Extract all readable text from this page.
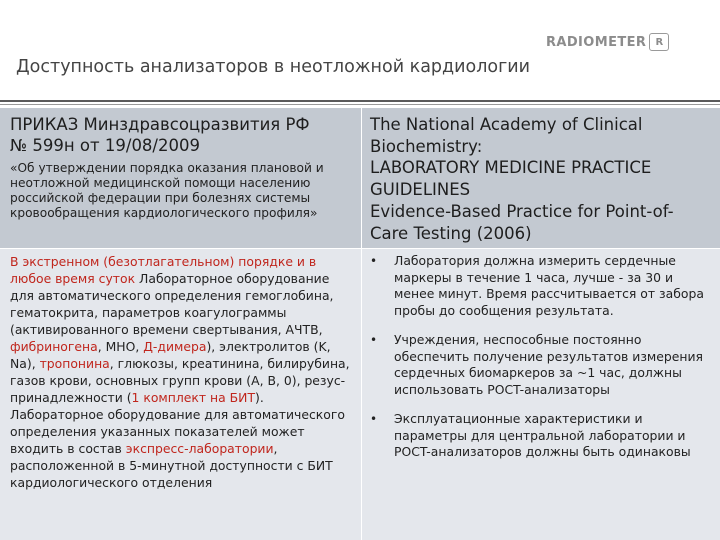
RADIOMETER R
Доступность анализаторов в неотложной кардиологии
ПРИКАЗ Минздравсоцразвития РФ
№ 599н от 19/08/2009
«Об утверждении порядка оказания плановой и неотложной медицинской помощи населению российской федерации при болезнях системы кровообращения кардиологического профиля»
The National Academy of Clinical
Biochemistry:
LABORATORY MEDICINE PRACTICE
GUIDELINES
Evidence-Based Practice for Point-of-
Care Testing (2006)
В экстренном (безотлагательном) порядке и в любое время суток Лабораторное оборудование для автоматического определения гемоглобина, гематокрита, параметров коагулограммы (активированного времени свертывания, АЧТВ, фибриногена, МНО, Д-димера), электролитов (K, Na), тропонина, глюкозы, креатинина, билирубина, газов крови, основных групп крови (А, В, 0), резус-принадлежности (1 комплект на БИТ). Лабораторное оборудование для автоматического определения указанных показателей может входить в состав экспресс-лаборатории, расположенной в 5-минутной доступности с БИТ кардиологического отделения
•	Лаборатория должна измерить сердечные маркеры в течение 1 часа, лучше - за 30 и менее минут. Время рассчитывается от забора пробы до сообщения результата.
•	Учреждения, неспособные постоянно обеспечить получение результатов измерения сердечных биомаркеров за ~1 час, должны использовать POCT-анализаторы
•	Эксплуатационные характеристики и параметры для центральной лаборатории и POCT-анализаторов должны быть одинаковы
